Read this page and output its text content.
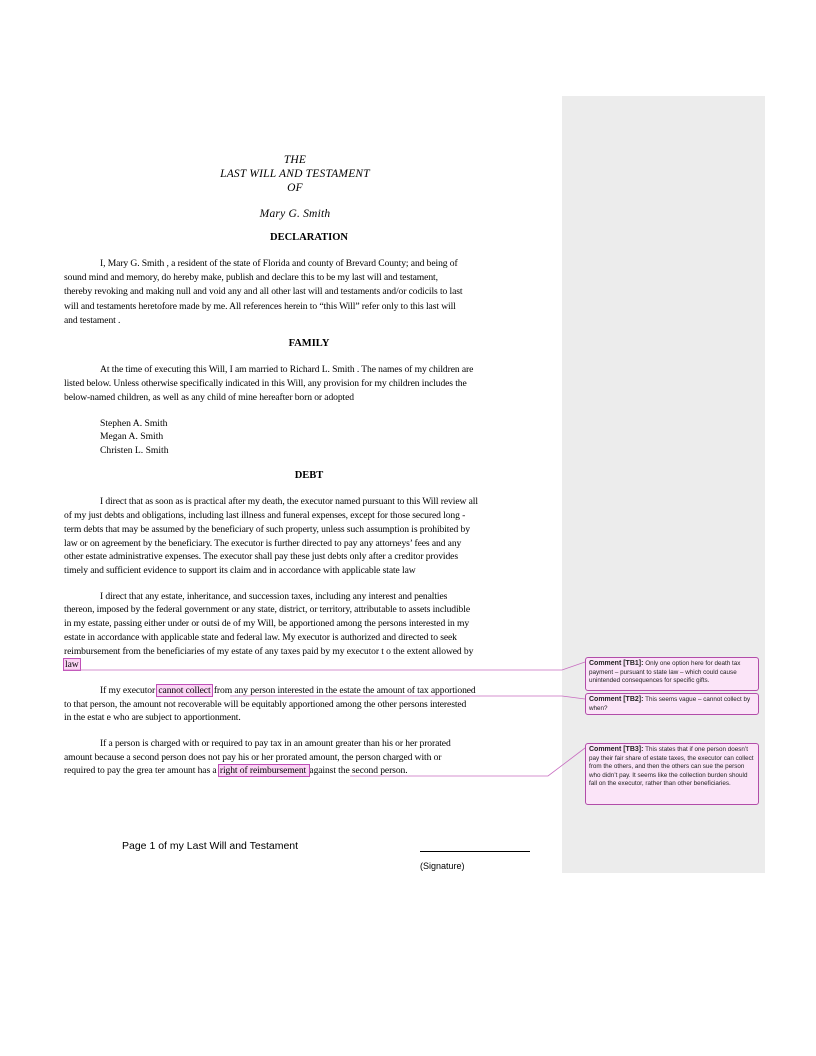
THE
LAST WILL AND TESTAMENT
OF
Mary G. Smith
DECLARATION
I, Mary G. Smith , a resident of the state of Florida and county of Brevard County; and being of
sound mind and memory, do hereby make, publish and declare this to be my last will and testament,
thereby revoking and making null and void any and all other last will and testaments and/or codicils to last
will and testaments heretofore made by me. All references herein to “this Will” refer only to this last will
and testament .
FAMILY
At the time of executing this Will, I am married to Richard L. Smith . The names of my children are
listed below. Unless otherwise specifically indicated in this Will, any provision for my children includes the
below-named children, as well as any child of mine hereafter born or adopted
Stephen A. Smith
Megan A. Smith
Christen L. Smith
DEBT
I direct that as soon as is practical after my death, the executor named pursuant to this Will review all
of my just debts and obligations, including last illness and funeral expenses, except for those secured long -
term debts that may be assumed by the beneficiary of such property, unless such assumption is prohibited by
law or on agreement by the beneficiary. The executor is further directed to pay any attorneys’ fees and any
other estate administrative expenses. The executor shall pay these just debts only after a creditor provides
timely and sufficient evidence to support its claim and in accordance with applicable state law
I direct that any estate, inheritance, and succession taxes, including any interest and penalties
thereon, imposed by the federal government or any state, district, or territory, attributable to assets includible
in my estate, passing either under or outsi de of my Will, be apportioned among the persons interested in my
estate in accordance with applicable state and federal law. My executor is authorized and directed to seek
reimbursement from the beneficiaries of my estate of any taxes paid by my executor t o the extent allowed by
law
If my executor cannot collect from any person interested in the estate the amount of tax apportioned
to that person, the amount not recoverable will be equitably apportioned among the other persons interested
in the estat e who are subject to apportionment.
If a person is charged with or required to pay tax in an amount greater than his or her prorated
amount because a second person does not pay his or her prorated amount, the person charged with or
required to pay the grea ter amount has a right of reimbursement against the second person.
Page 1 of my Last Will and Testament
(Signature)
Comment [TB1]: Only one option here for death tax payment – pursuant to state law – which could cause unintended consequences for specific gifts.
Comment [TB2]: This seems vague – cannot collect by when?
Comment [TB3]: This states that if one person doesn’t pay their fair share of estate taxes, the executor can collect from the others, and then the others can sue the person who didn’t pay. It seems like the collection burden should fall on the executor, rather than other beneficiaries.
